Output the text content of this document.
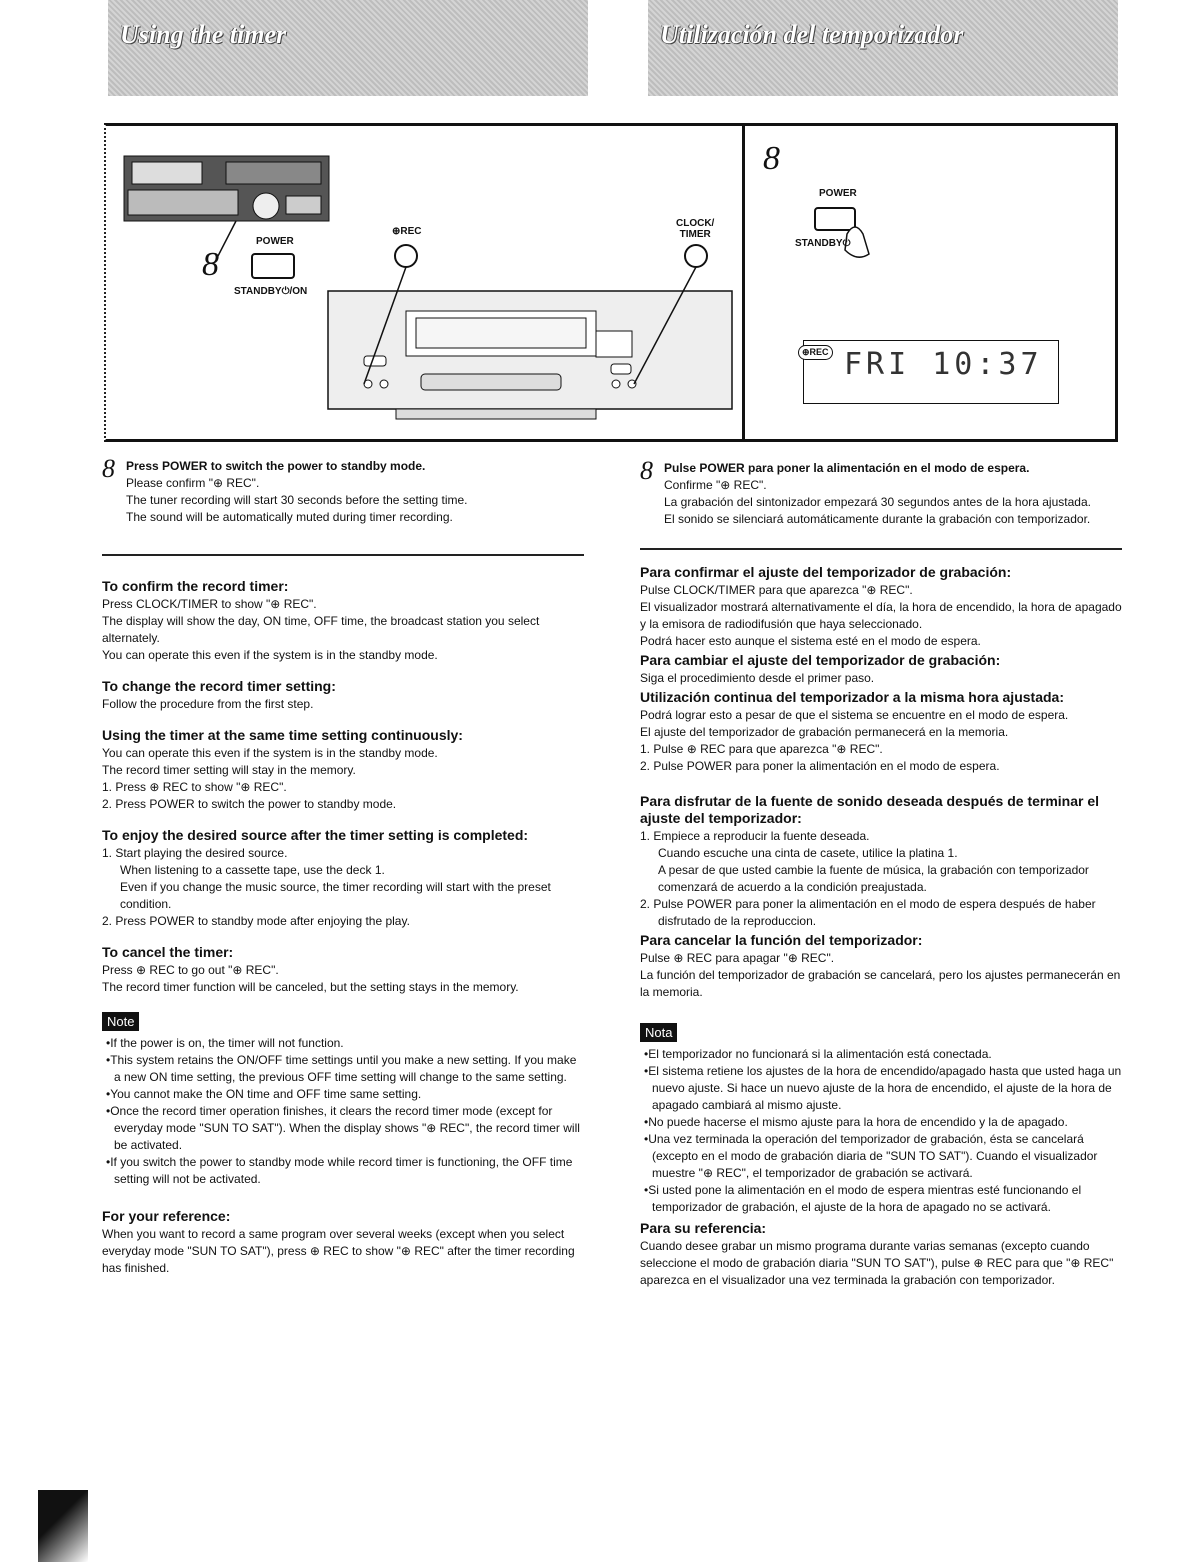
Using the timer	Utilización del temporizador
8
POWER
STANDBY⏻/ON
⊕REC
CLOCK/
TIMER
8
POWER
STANDBY⏻
⊕REC FRI 10:37
8 Press POWER to switch the power to standby mode.
Please confirm "⊕ REC".
The tuner recording will start 30 seconds before the setting time.
The sound will be automatically muted during timer recording.
To confirm the record timer:
Press CLOCK/TIMER to show "⊕ REC".
The display will show the day, ON time, OFF time, the broadcast station you select alternately.
You can operate this even if the system is in the standby mode.
To change the record timer setting:
Follow the procedure from the first step.
Using the timer at the same time setting continuously:
You can operate this even if the system is in the standby mode.
The record timer setting will stay in the memory.
1. Press ⊕ REC to show "⊕ REC".
2. Press POWER to switch the power to standby mode.
To enjoy the desired source after the timer setting is completed:
1. Start playing the desired source.
When listening to a cassette tape, use the deck 1.
Even if you change the music source, the timer recording will start with the preset condition.
2. Press POWER to standby mode after enjoying the play.
To cancel the timer:
Press ⊕ REC to go out "⊕ REC".
The record timer function will be canceled, but the setting stays in the memory.
Note
•If the power is on, the timer will not function.
•This system retains the ON/OFF time settings until you make a new setting. If you make a new ON time setting, the previous OFF time setting will change to the same setting.
•You cannot make the ON time and OFF time same setting.
•Once the record timer operation finishes, it clears the record timer mode (except for everyday mode "SUN TO SAT"). When the display shows "⊕ REC", the record timer will be activated.
•If you switch the power to standby mode while record timer is functioning, the OFF time setting will not be activated.
For your reference:
When you want to record a same program over several weeks (except when you select everyday mode "SUN TO SAT"), press ⊕ REC to show "⊕ REC" after the timer recording has finished.
8 Pulse POWER para poner la alimentación en el modo de espera.
Confirme "⊕ REC".
La grabación del sintonizador empezará 30 segundos antes de la hora ajustada.
El sonido se silenciará automáticamente durante la grabación con temporizador.
Para confirmar el ajuste del temporizador de grabación:
Pulse CLOCK/TIMER para que aparezca "⊕ REC".
El visualizador mostrará alternativamente el día, la hora de encendido, la hora de apagado y la emisora de radiodifusión que haya seleccionado.
Podrá hacer esto aunque el sistema esté en el modo de espera.
Para cambiar el ajuste del temporizador de grabación:
Siga el procedimiento desde el primer paso.
Utilización continua del temporizador a la misma hora ajustada:
Podrá lograr esto a pesar de que el sistema se encuentre en el modo de espera.
El ajuste del temporizador de grabación permanecerá en la memoria.
1. Pulse ⊕ REC para que aparezca "⊕ REC".
2. Pulse POWER para poner la alimentación en el modo de espera.
Para disfrutar de la fuente de sonido deseada después de terminar el ajuste del temporizador:
1. Empiece a reproducir la fuente deseada.
Cuando escuche una cinta de casete, utilice la platina 1.
A pesar de que usted cambie la fuente de música, la grabación con temporizador comenzará de acuerdo a la condición preajustada.
2. Pulse POWER para poner la alimentación en el modo de espera después de haber disfrutado de la reproduccion.
Para cancelar la función del temporizador:
Pulse ⊕ REC para apagar "⊕ REC".
La función del temporizador de grabación se cancelará, pero los ajustes permanecerán en la memoria.
Nota
•El temporizador no funcionará si la alimentación está conectada.
•El sistema retiene los ajustes de la hora de encendido/apagado hasta que usted haga un nuevo ajuste. Si hace un nuevo ajuste de la hora de encendido, el ajuste de la hora de apagado cambiará al mismo ajuste.
•No puede hacerse el mismo ajuste para la hora de encendido y la de apagado.
•Una vez terminada la operación del temporizador de grabación, ésta se cancelará (excepto en el modo de grabación diaria de "SUN TO SAT"). Cuando el visualizador muestre "⊕ REC", el temporizador de grabación se activará.
•Si usted pone la alimentación en el modo de espera mientras esté funcionando el temporizador de grabación, el ajuste de la hora de apagado no se activará.
Para su referencia:
Cuando desee grabar un mismo programa durante varias semanas (excepto cuando seleccione el modo de grabación diaria "SUN TO SAT"), pulse ⊕ REC para que "⊕ REC" aparezca en el visualizador una vez terminada la grabación con temporizador.
